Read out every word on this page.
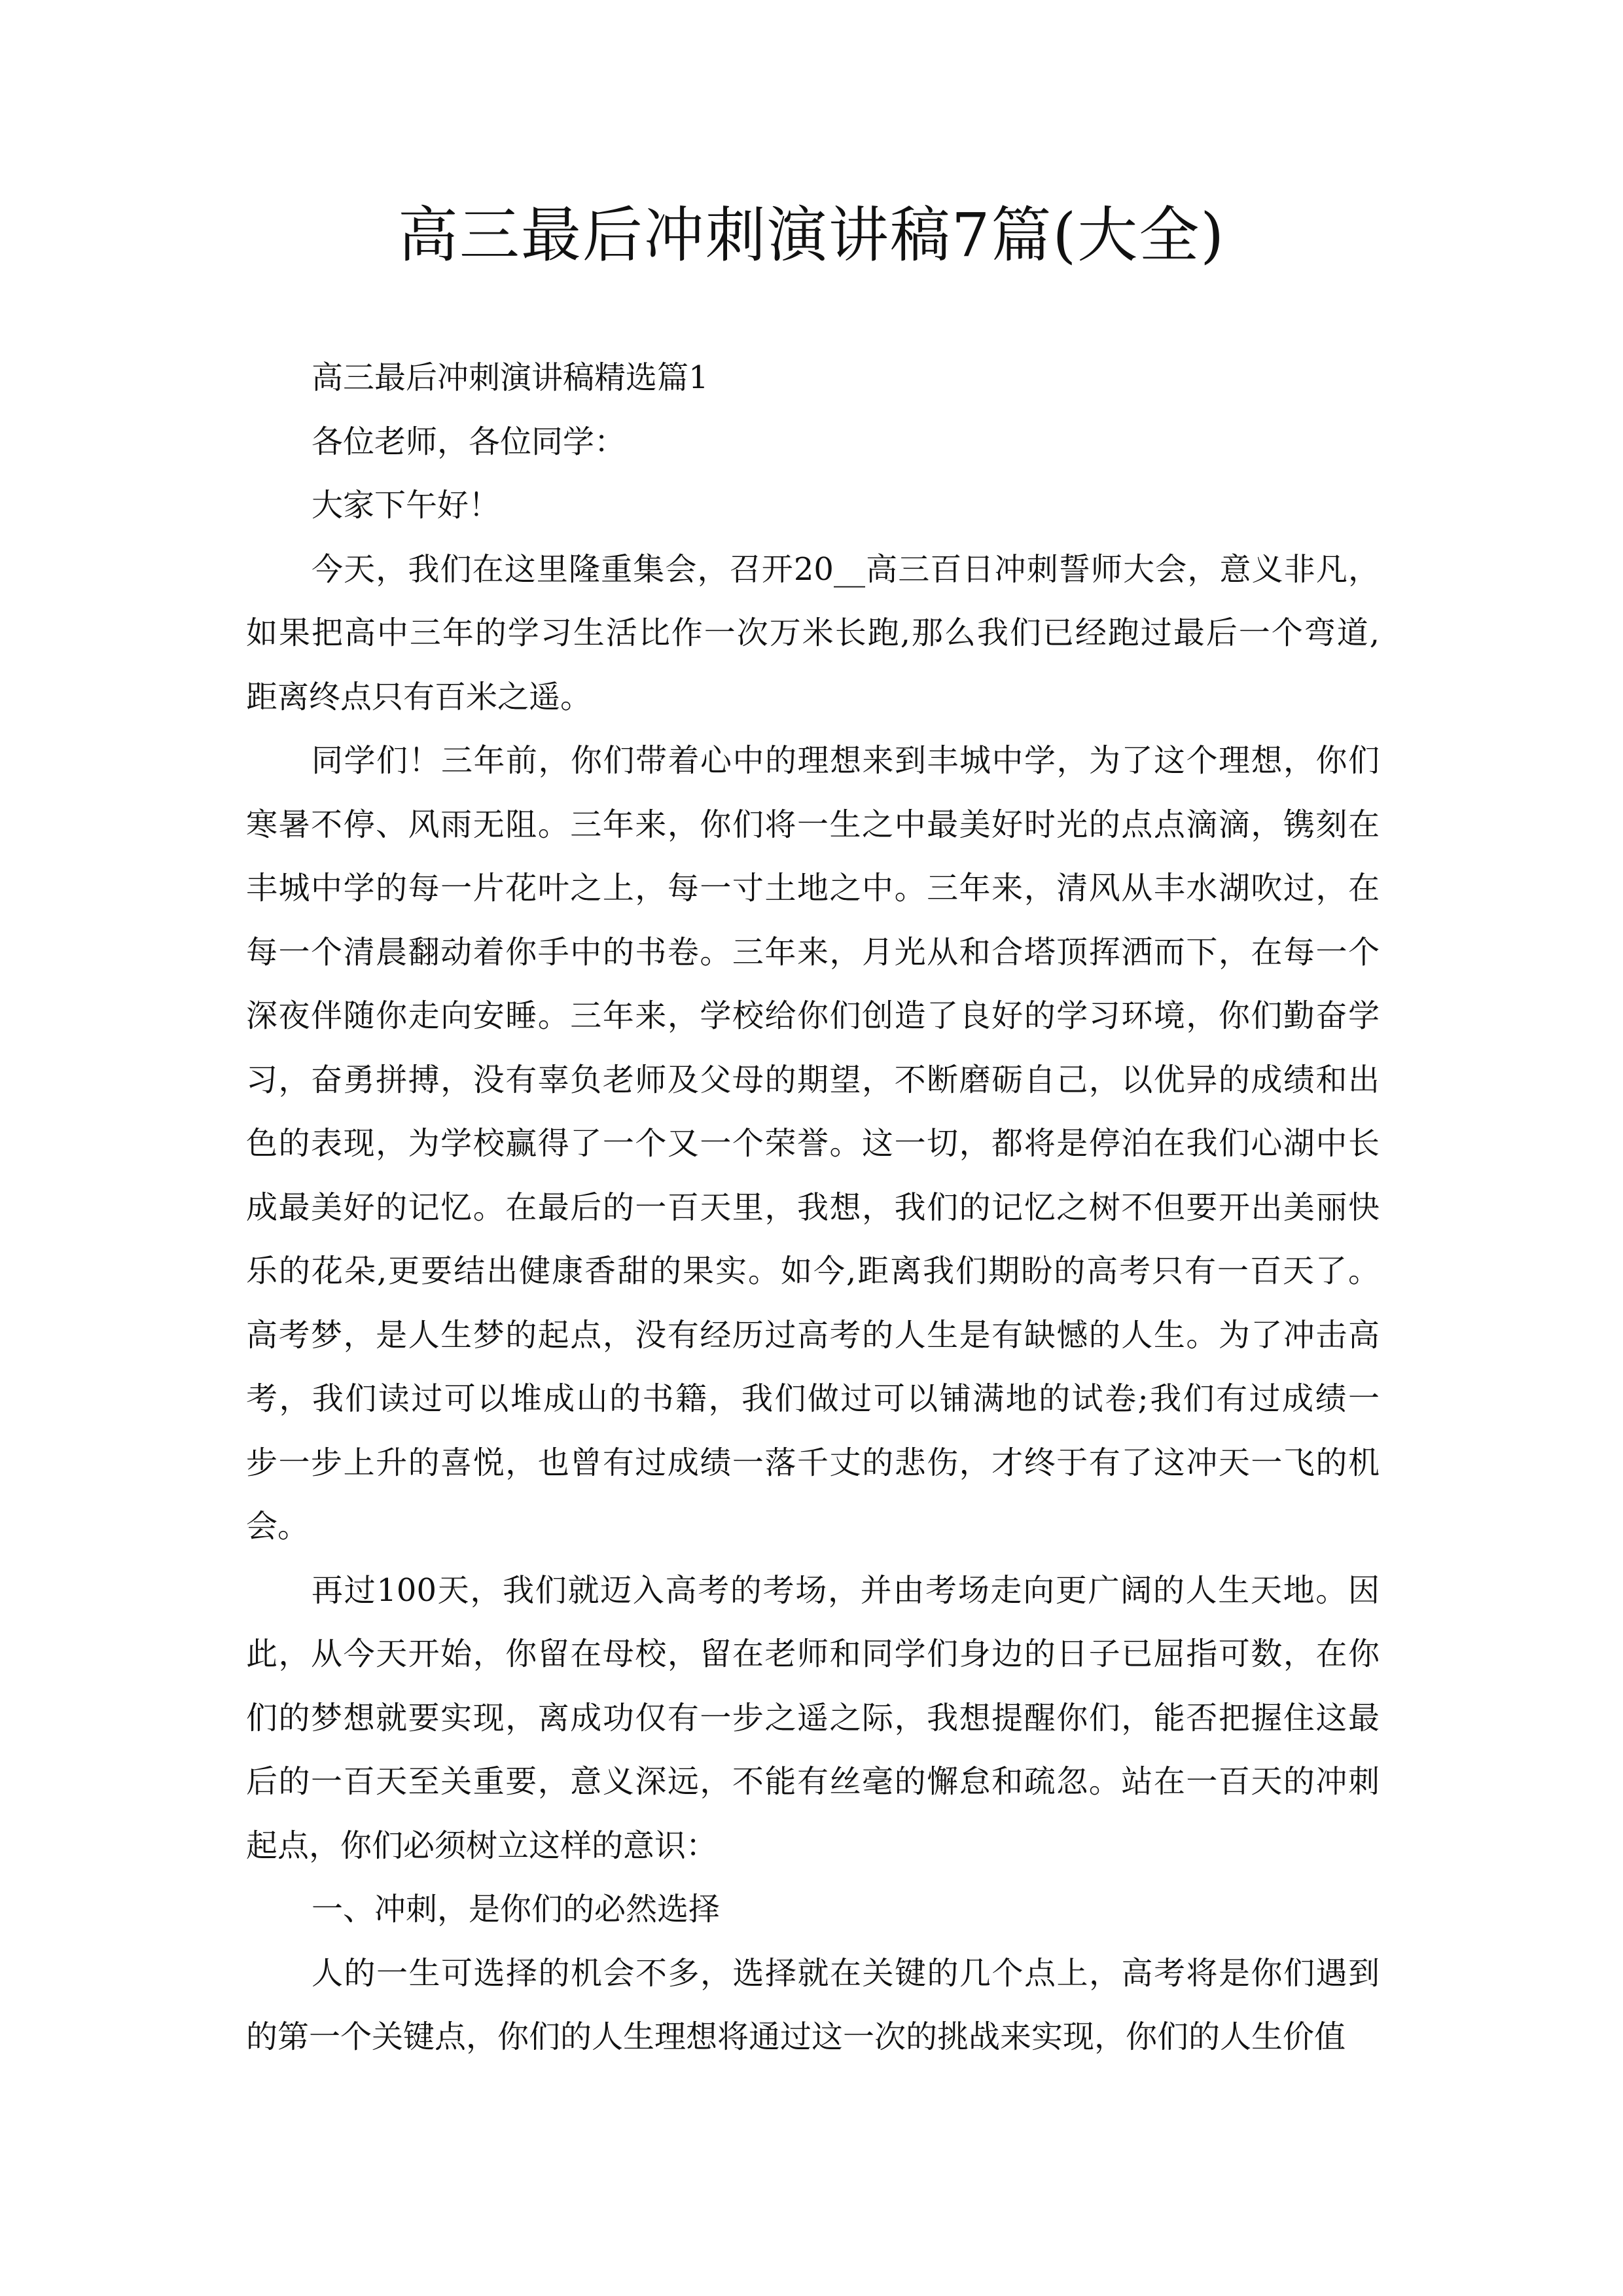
高三最后冲刺演讲稿7篇(大全)
高三最后冲刺演讲稿精选篇1
各位老师，各位同学：
大家下午好！
今天，我们在这里隆重集会，召开20__高三百日冲刺誓师大会，意义非凡，
如果把高中三年的学习生活比作一次万米长跑,那么我们已经跑过最后一个弯道,
距离终点只有百米之遥。
同学们！三年前，你们带着心中的理想来到丰城中学，为了这个理想，你们
寒暑不停、风雨无阻。三年来，你们将一生之中最美好时光的点点滴滴，镌刻在
丰城中学的每一片花叶之上，每一寸土地之中。三年来，清风从丰水湖吹过，在
每一个清晨翻动着你手中的书卷。三年来，月光从和合塔顶挥洒而下，在每一个
深夜伴随你走向安睡。三年来，学校给你们创造了良好的学习环境，你们勤奋学
习，奋勇拼搏，没有辜负老师及父母的期望，不断磨砺自己，以优异的成绩和出
色的表现，为学校赢得了一个又一个荣誉。这一切，都将是停泊在我们心湖中长
成最美好的记忆。在最后的一百天里，我想，我们的记忆之树不但要开出美丽快
乐的花朵,更要结出健康香甜的果实。如今,距离我们期盼的高考只有一百天了。
高考梦，是人生梦的起点，没有经历过高考的人生是有缺憾的人生。为了冲击高
考，我们读过可以堆成山的书籍，我们做过可以铺满地的试卷;我们有过成绩一
步一步上升的喜悦，也曾有过成绩一落千丈的悲伤，才终于有了这冲天一飞的机
会。
再过100天，我们就迈入高考的考场，并由考场走向更广阔的人生天地。因
此，从今天开始，你留在母校，留在老师和同学们身边的日子已屈指可数，在你
们的梦想就要实现，离成功仅有一步之遥之际，我想提醒你们，能否把握住这最
后的一百天至关重要，意义深远，不能有丝毫的懈怠和疏忽。站在一百天的冲刺
起点，你们必须树立这样的意识：
一、冲刺，是你们的必然选择
人的一生可选择的机会不多，选择就在关键的几个点上，高考将是你们遇到
的第一个关键点，你们的人生理想将通过这一次的挑战来实现，你们的人生价值
